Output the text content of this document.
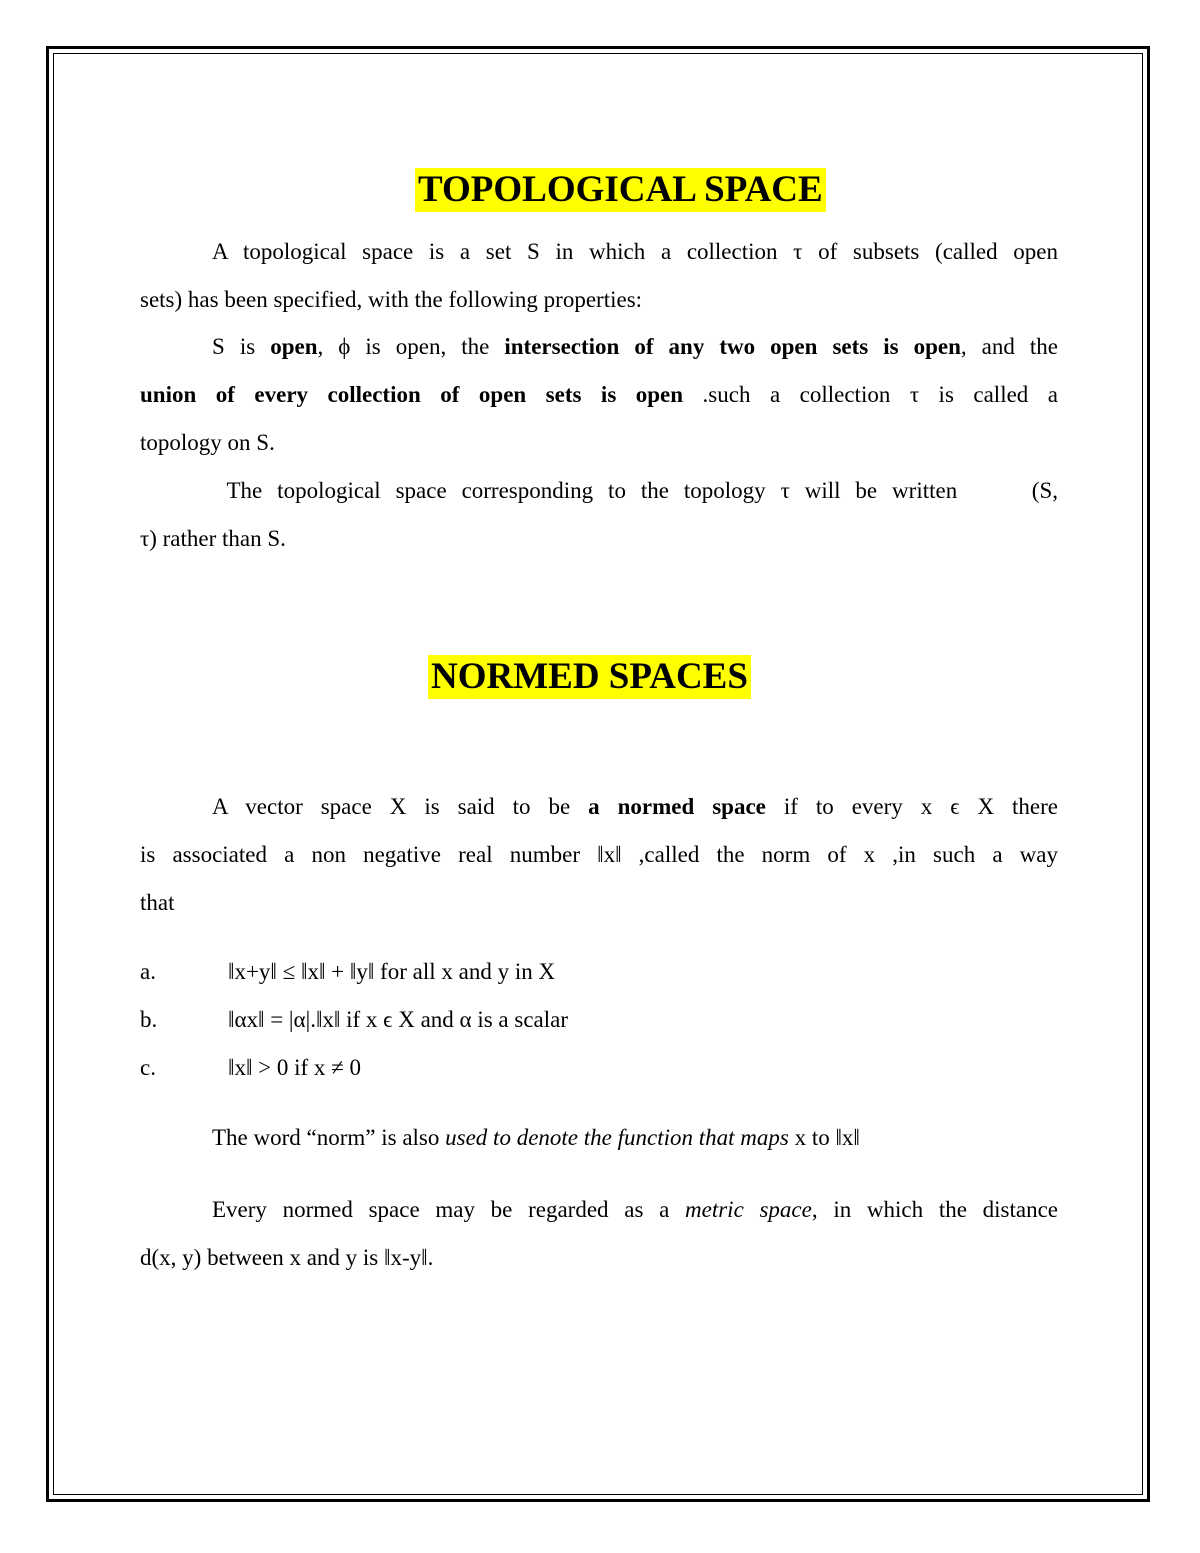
TOPOLOGICAL SPACE
A topological space is a set S in which a collection τ of subsets (called open
sets) has been specified, with the following properties:
S is open, ϕ is open, the intersection of any two open sets is open, and the
union of every collection of open sets is open .such a collection τ is called a
topology on S.
The topological space corresponding to the topology τ will be written     (S,
τ) rather than S.
NORMED SPACES
A vector space X is said to be a normed space if to every x ϵ X there
is associated a non negative real number ǁxǁ ,called the norm of x ,in such a way
that
a.	ǁx+yǁ ≤ ǁxǁ + ǁyǁ for all x and y in X
b.	ǁαxǁ = |α|.ǁxǁ if x ϵ X and α is a scalar
c.	ǁxǁ > 0 if x ≠ 0
The word “norm” is also used to denote the function that maps x to ǁxǁ
Every normed space may be regarded as a metric space, in which the distance
d(x, y) between x and y is ǁx-yǁ.
